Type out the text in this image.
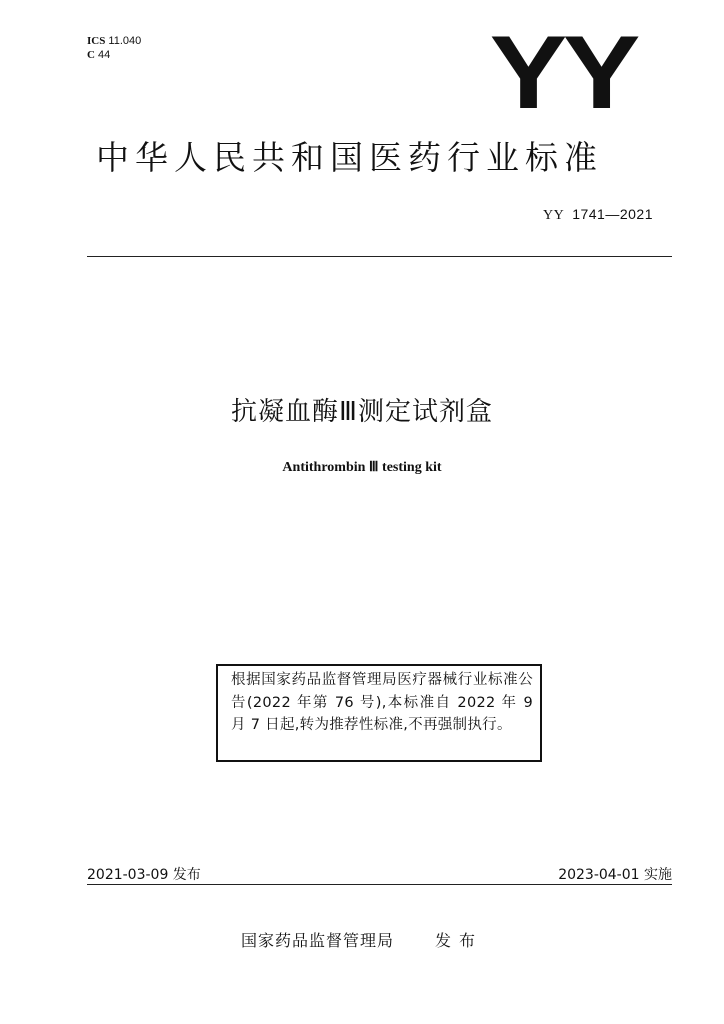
ICS 11.040
C 44	YY
中华人民共和国医药行业标准
YY 1741—2021
抗凝血酶Ⅲ测定试剂盒
Antithrombin Ⅲ testing kit
根据国家药品监督管理局医疗器械行业标准公告(2022 年第 76 号),本标准自 2022 年 9 月 7 日起,转为推荐性标准,不再强制执行。
2021-03-09 发布	2023-04-01 实施
国家药品监督管理局	发布
